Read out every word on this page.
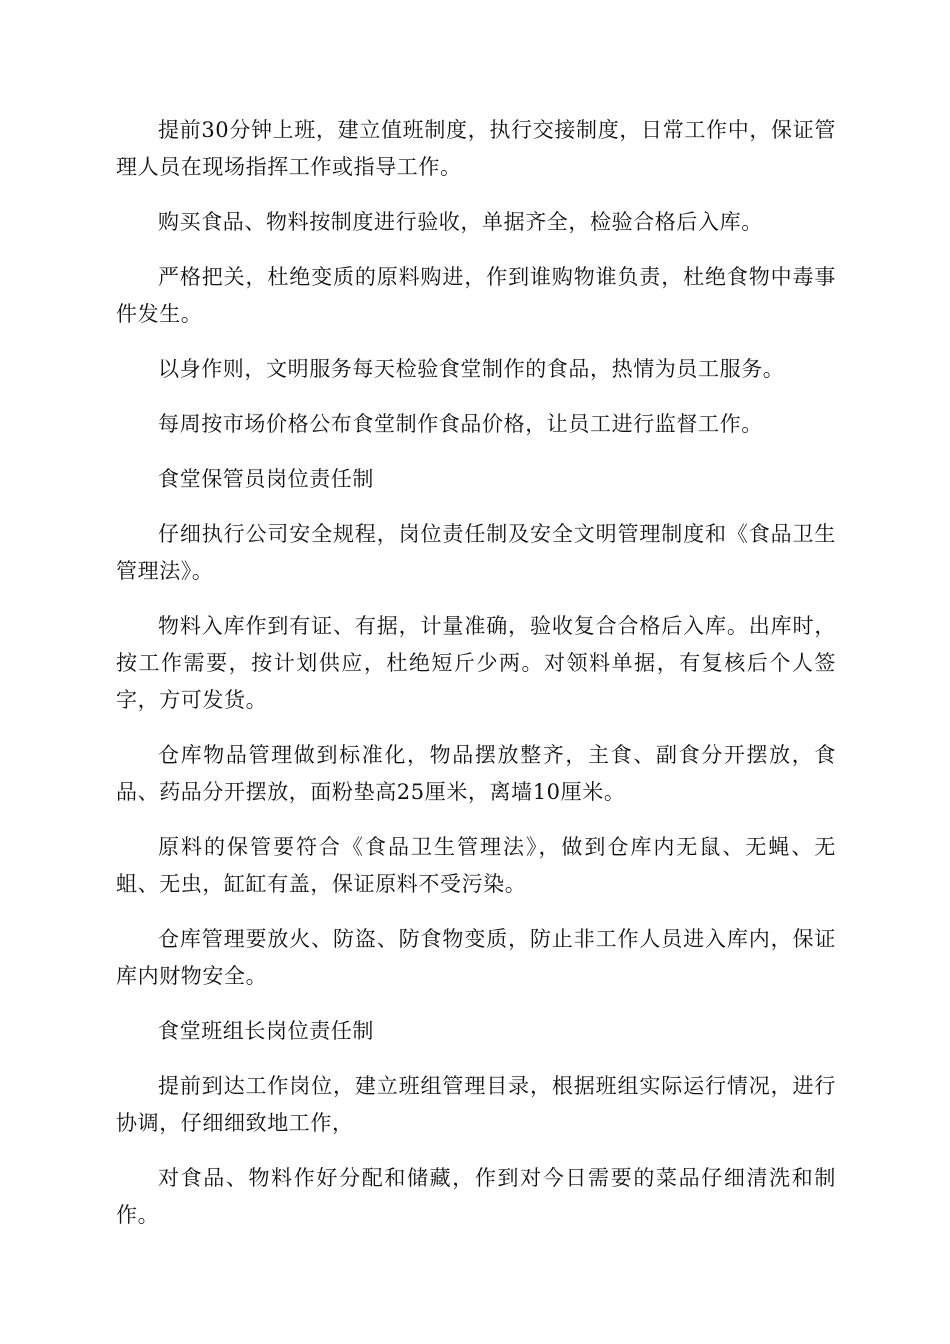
提前30分钟上班，建立值班制度，执行交接制度，日常工作中，保证管理人员在现场指挥工作或指导工作。

购买食品、物料按制度进行验收，单据齐全，检验合格后入库。

严格把关，杜绝变质的原料购进，作到谁购物谁负责，杜绝食物中毒事件发生。

以身作则，文明服务每天检验食堂制作的食品，热情为员工服务。

每周按市场价格公布食堂制作食品价格，让员工进行监督工作。

食堂保管员岗位责任制

仔细执行公司安全规程，岗位责任制及安全文明管理制度和《食品卫生管理法》。

物料入库作到有证、有据，计量准确，验收复合合格后入库。出库时，按工作需要，按计划供应，杜绝短斤少两。对领料单据，有复核后个人签字，方可发货。

仓库物品管理做到标准化，物品摆放整齐，主食、副食分开摆放，食品、药品分开摆放，面粉垫高25厘米，离墙10厘米。

原料的保管要符合《食品卫生管理法》，做到仓库内无鼠、无蝇、无蛆、无虫，缸缸有盖，保证原料不受污染。

仓库管理要放火、防盗、防食物变质，防止非工作人员进入库内，保证库内财物安全。

食堂班组长岗位责任制

提前到达工作岗位，建立班组管理目录，根据班组实际运行情况，进行协调，仔细细致地工作，

对食品、物料作好分配和储藏，作到对今日需要的菜品仔细清洗和制作。
